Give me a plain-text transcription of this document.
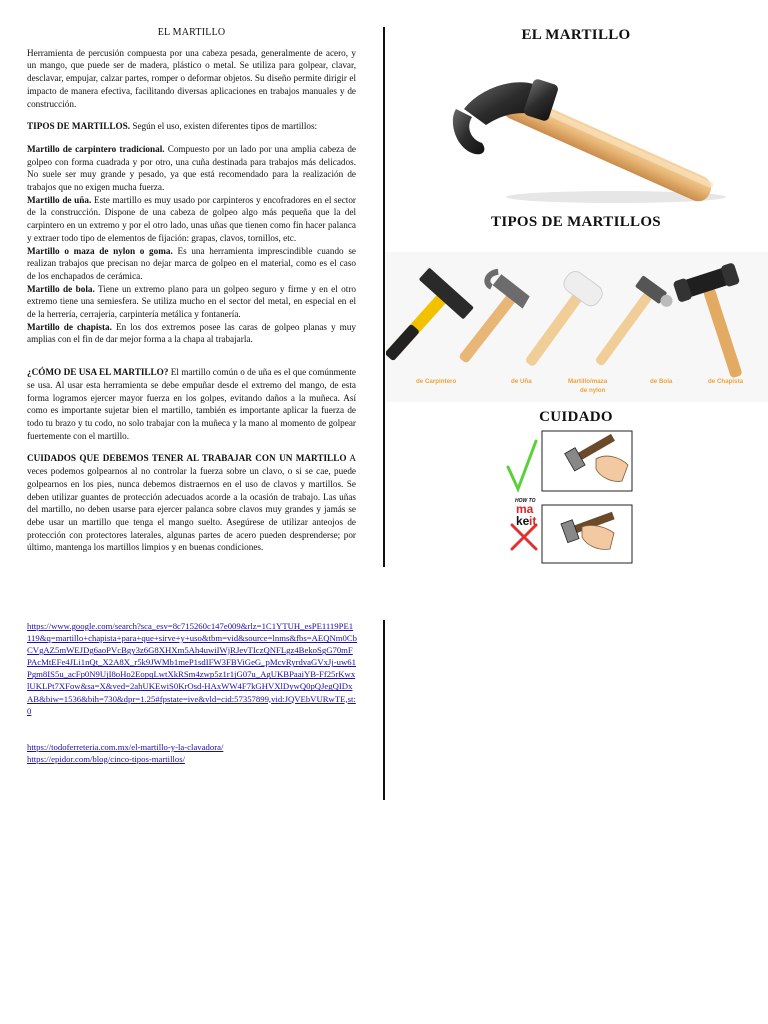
EL MARTILLO

Herramienta de percusión compuesta por una cabeza pesada, generalmente de acero, y un mango, que puede ser de madera, plástico o metal. Se utiliza para golpear, clavar, desclavar, empujar, calzar partes, romper o deformar objetos. Su diseño permite dirigir el impacto de manera efectiva, facilitando diversas aplicaciones en trabajos manuales y de construcción.

TIPOS DE MARTILLOS. Según el uso, existen diferentes tipos de martillos:

Martillo de carpintero tradicional. Compuesto por un lado por una amplia cabeza de golpeo con forma cuadrada y por otro, una cuña destinada para trabajos más delicados. No suele ser muy grande y pesado, ya que está recomendado para la realización de trabajos que no exigen mucha fuerza.

Martillo de uña. Este martillo es muy usado por carpinteros y encofradores en el sector de la construcción. Dispone de una cabeza de golpeo algo más pequeña que la del carpintero en un extremo y por el otro lado, unas uñas que tienen como fin hacer palanca y extraer todo tipo de elementos de fijación: grapas, clavos, tornillos, etc.

Martillo o maza de nylon o goma. Es una herramienta imprescindible cuando se realizan trabajos que precisan no dejar marca de golpeo en el material, como es el caso de los enchapados de cerámica.

Martillo de bola. Tiene un extremo plano para un golpeo seguro y firme y en el otro extremo tiene una semiesfera. Se utiliza mucho en el sector del metal, en especial en el de la herrería, cerrajería, carpintería metálica y fontanería.

Martillo de chapista. En los dos extremos posee las caras de golpeo planas y muy amplias con el fin de dar mejor forma a la chapa al trabajarla.

¿CÓMO DE USA EL MARTILLO? El martillo común o de uña es el que comúnmente se usa. Al usar esta herramienta se debe empuñar desde el extremo del mango, de esta forma logramos ejercer mayor fuerza en los golpes, evitando daños a la muñeca. Así como es importante sujetar bien el martillo, también es importante aplicar la fuerza de todo tu brazo y tu codo, no solo trabajar con la muñeca y la mano al momento de golpear fuertemente con el martillo.

CUIDADOS QUE DEBEMOS TENER AL TRABAJAR CON UN MARTILLO A veces podemos golpearnos al no controlar la fuerza sobre un clavo, o si se cae, puede golpearnos en los pies, nunca debemos distraernos en el uso de clavos y martillos. Se deben utilizar guantes de protección adecuados acorde a la ocasión de trabajo. Las uñas del martillo, no deben usarse para ejercer palanca sobre clavos muy grandes y jamás se debe usar un martillo que tenga el mango suelto. Asegúrese de utilizar anteojos de protección con protectores laterales, algunas partes de acero pueden desprenderse; por último, mantenga los martillos limpios y en buenas condiciones.

EL MARTILLO
TIPOS DE MARTILLOS
de Carpintero	de Uña	Martillo/maza
de nylon
de Bola	de Chapista
CUIDADO
HOW TO
ma
ke it
https://www.google.com/search?sca_esv=8c715260c147e009&rlz=1C1YTUH_esPE1119PE1119&q=martillo+chapista+para+que+sirve+y+uso&tbm=vid&source=lnms&fbs=AEQNm0CbCVgAZ5mWEJDg6aoPVcBgy3z6G8XHXm5Ah4uwiIWjRJevTIczQNFLgz4BekoSgG70mFPAcMtEFe4JLi1nQt_X2A8X_r5k9JWMb1meP1sdIFW3FBViGeG_pMcvRyrdvaGVxJj-uw61Pgm8IS5u_acFp0N9UjI8oHo2EopqLwtXkRSm4zwp5z1r1jG07u_AgUKBPaaiYB-Ff25rKwxlUKLPt7XFow&sa=X&ved=2ahUKEwiS0KrOsd-HAxWW4F7kGHVXlDywQ0pQJegQIDxAB&biw=1536&bih=730&dpr=1.25#fpstate=ive&vld=cid:57357899,vid:JQVEbVURwTE,st:0
https://todoferreteria.com.mx/el-martillo-y-la-clavadora/
https://epidor.com/blog/cinco-tipos-martillos/
